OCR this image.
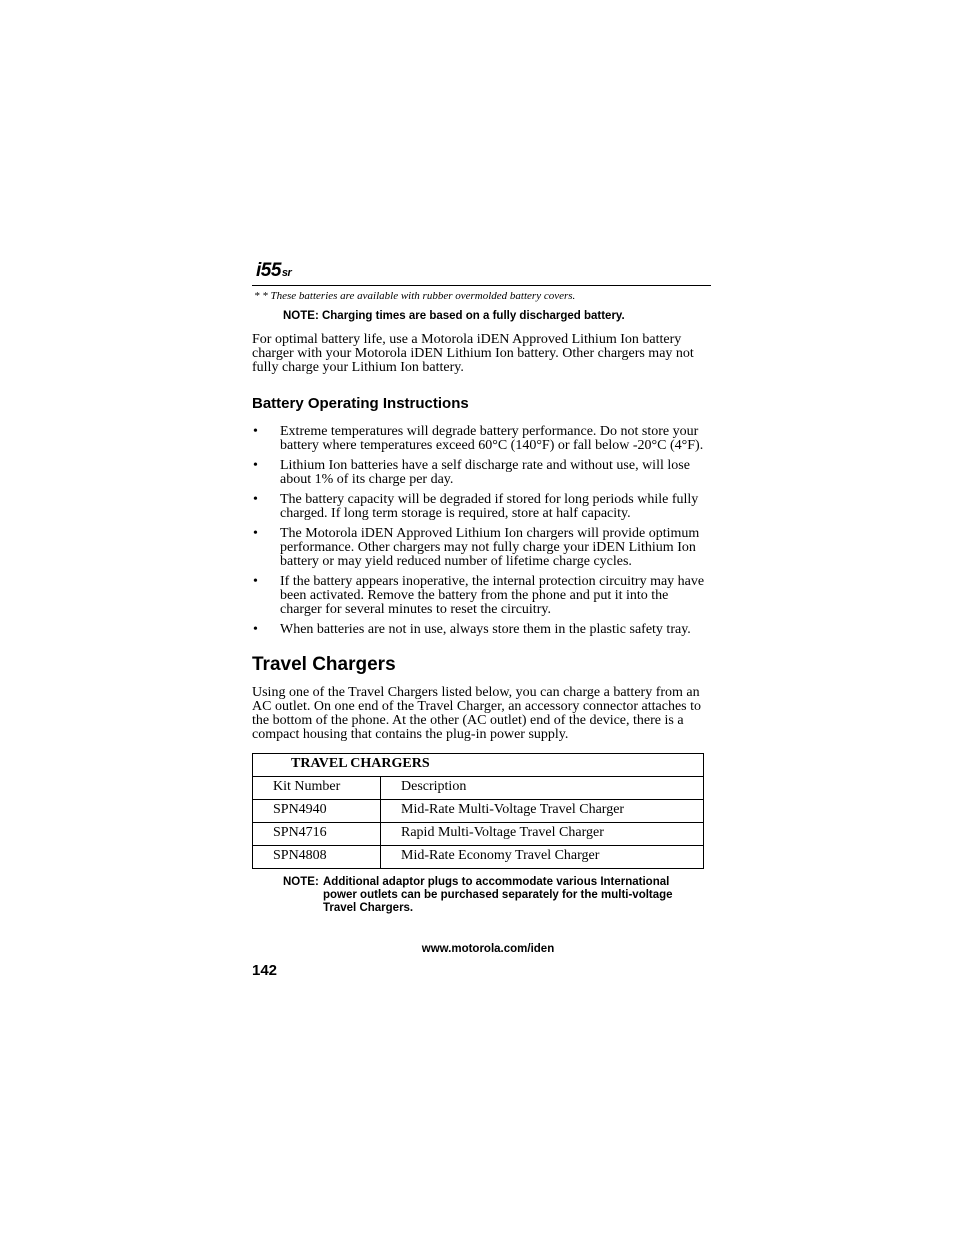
i55sr
* * These batteries are available with rubber overmolded battery covers.
NOTE: Charging times are based on a fully discharged battery.
For optimal battery life, use a Motorola iDEN Approved Lithium Ion battery charger with your Motorola iDEN Lithium Ion battery. Other chargers may not fully charge your Lithium Ion battery.
Battery Operating Instructions
• Extreme temperatures will degrade battery performance. Do not store your battery where temperatures exceed 60°C (140°F) or fall below -20°C (4°F).
• Lithium Ion batteries have a self discharge rate and without use, will lose about 1% of its charge per day.
• The battery capacity will be degraded if stored for long periods while fully charged. If long term storage is required, store at half capacity.
• The Motorola iDEN Approved Lithium Ion chargers will provide optimum performance. Other chargers may not fully charge your iDEN Lithium Ion battery or may yield reduced number of lifetime charge cycles.
• If the battery appears inoperative, the internal protection circuitry may have been activated. Remove the battery from the phone and put it into the charger for several minutes to reset the circuitry.
• When batteries are not in use, always store them in the plastic safety tray.
Travel Chargers
Using one of the Travel Chargers listed below, you can charge a battery from an AC outlet. On one end of the Travel Charger, an accessory connector attaches to the bottom of the phone. At the other (AC outlet) end of the device, there is a compact housing that contains the plug-in power supply.
TRAVEL CHARGERS	

Kit Number	Description

SPN4940	Mid-Rate Multi-Voltage Travel Charger

SPN4716	Rapid Multi-Voltage Travel Charger

SPN4808	Mid-Rate Economy Travel Charger
NOTE: Additional adaptor plugs to accommodate various International power outlets can be purchased separately for the multi-voltage Travel Chargers.
www.motorola.com/iden
142
